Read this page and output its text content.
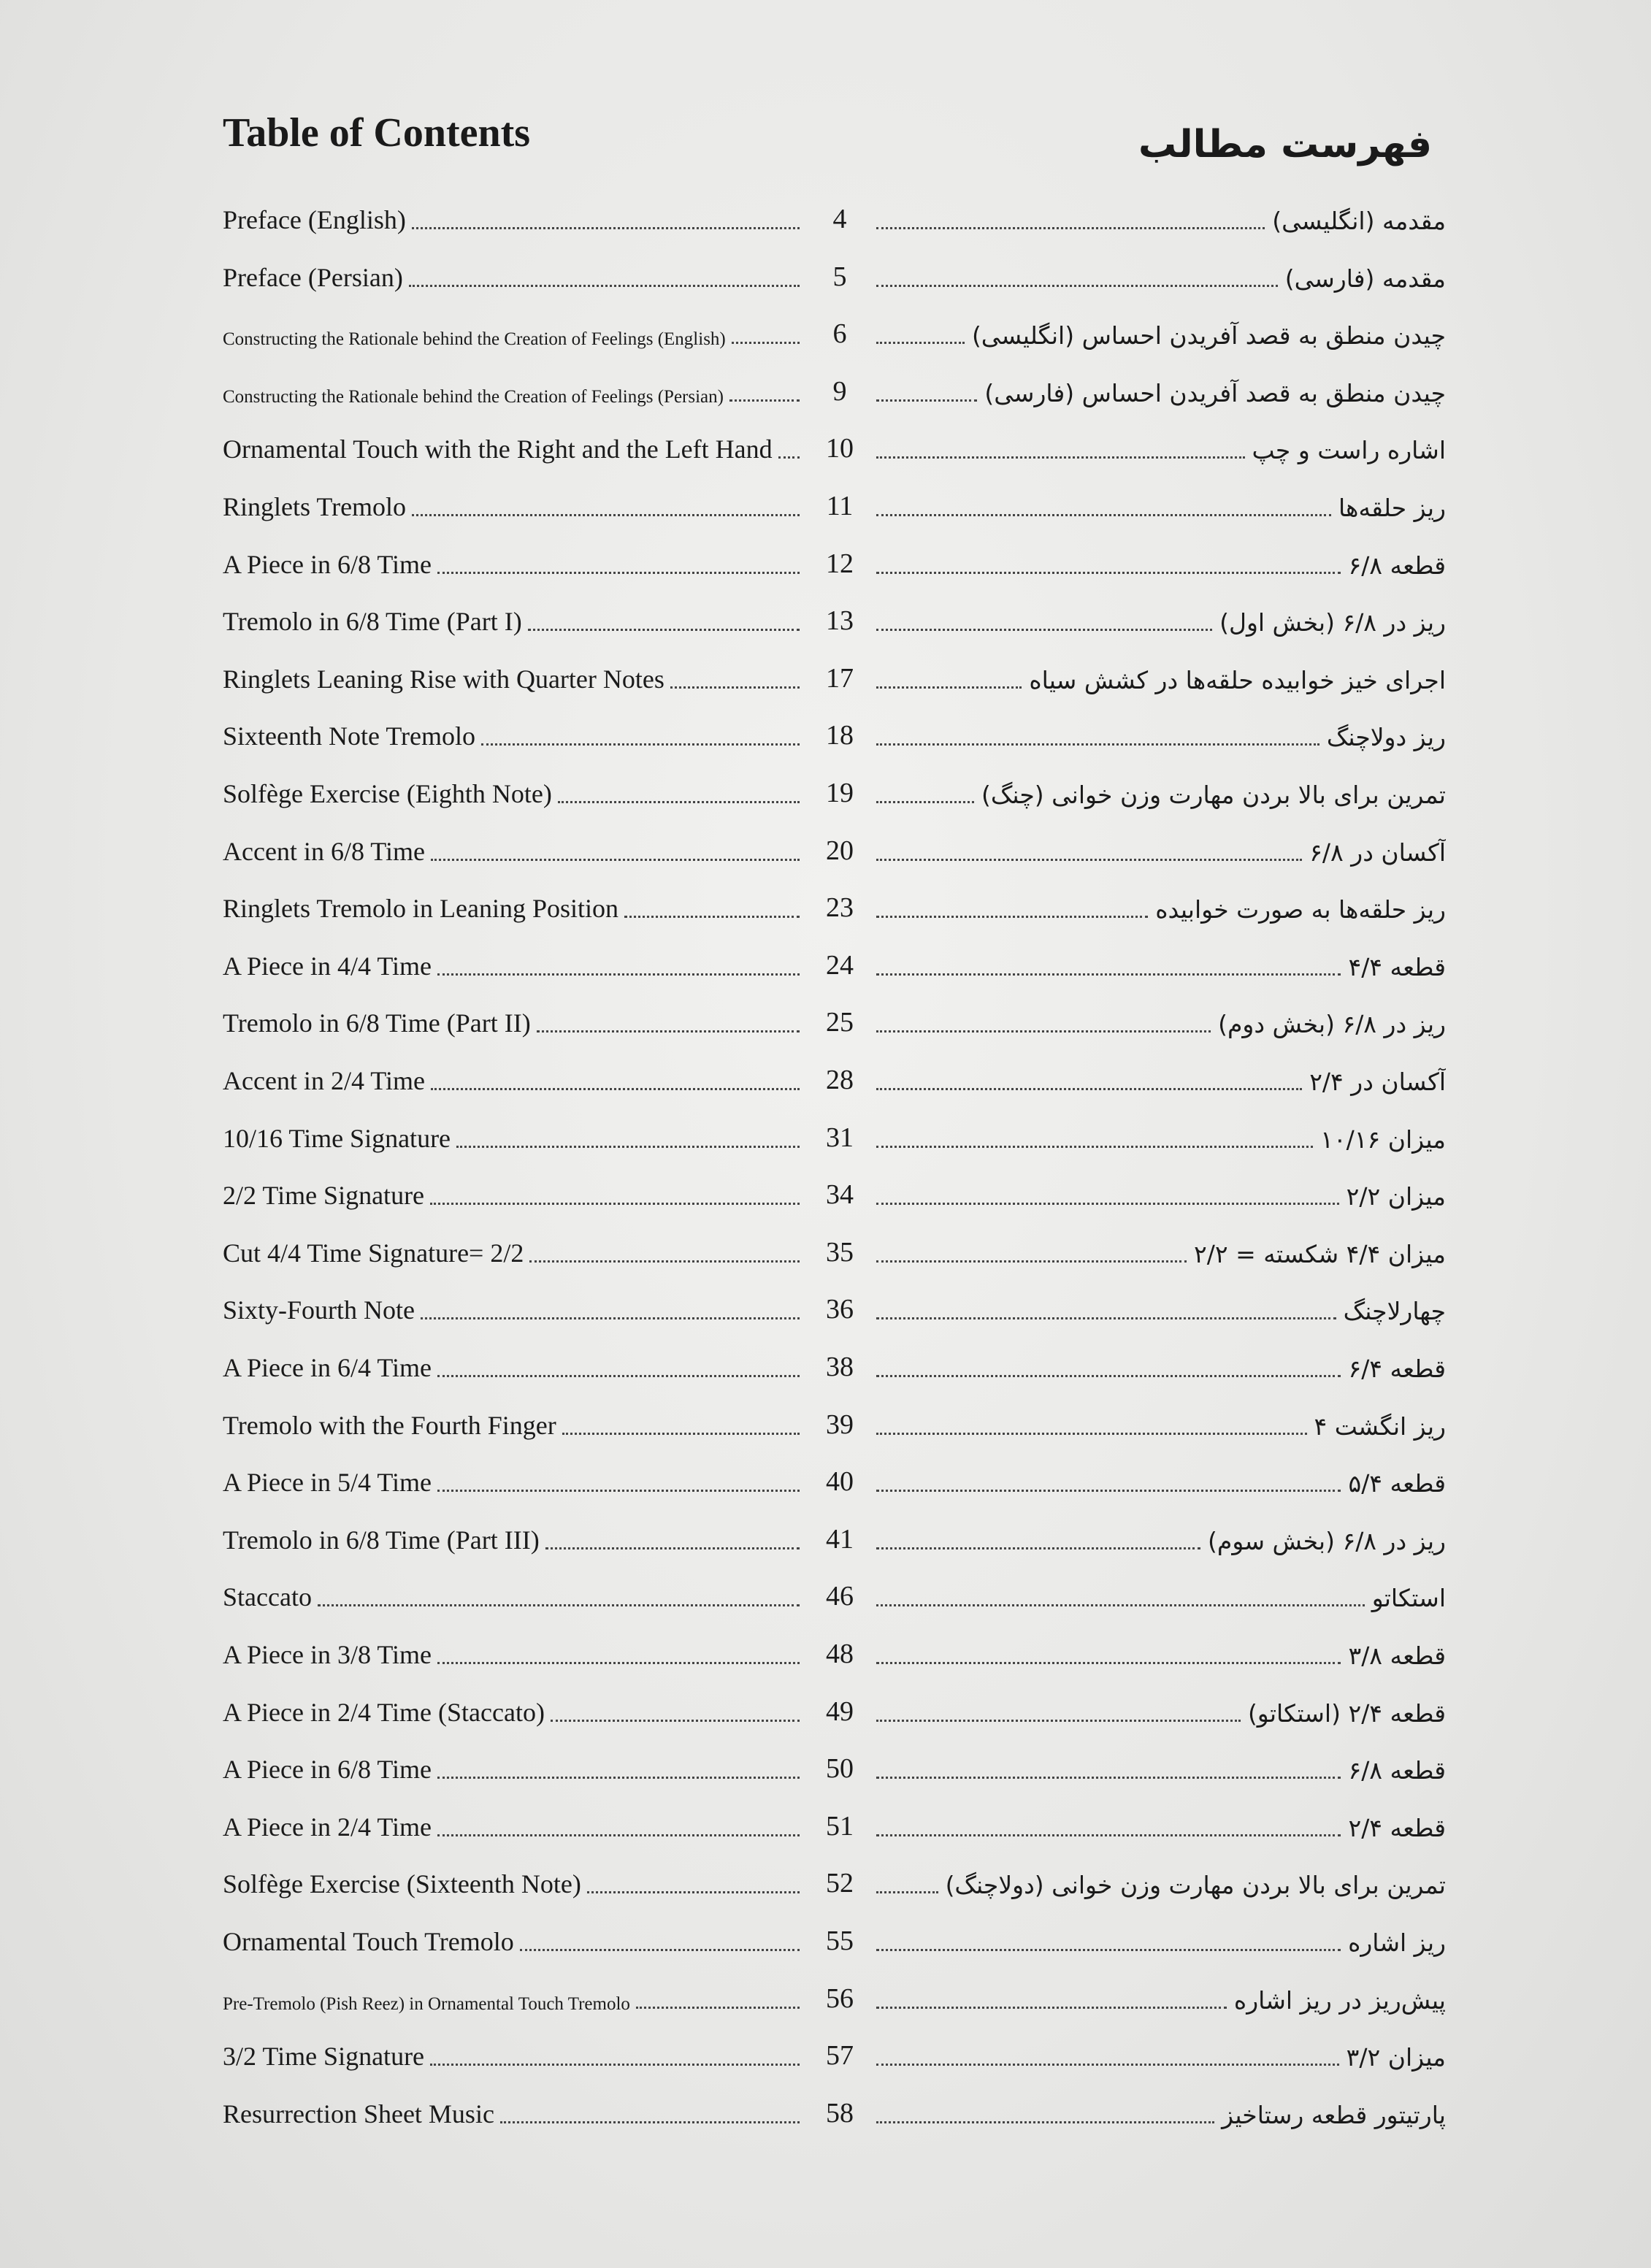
Table of Contents	فهرست مطالب
Preface (English)	4	مقدمه (انگلیسی)
Preface (Persian)	5	مقدمه (فارسی)
Constructing the Rationale behind the Creation of Feelings (English)	6	چیدن منطق به قصد آفریدن احساس (انگلیسی)
Constructing the Rationale behind the Creation of Feelings (Persian)	9	چیدن منطق به قصد آفریدن احساس (فارسی)
Ornamental Touch with the Right and the Left Hand	10	اشاره راست و چپ
Ringlets Tremolo	11	ریز حلقه‌ها
A Piece in 6/8 Time	12	قطعه ۶/۸
Tremolo in 6/8 Time (Part I)	13	ریز در ۶/۸ (بخش اول)
Ringlets Leaning Rise with Quarter Notes	17	اجرای خیز خوابیده حلقه‌ها در کشش سیاه
Sixteenth Note Tremolo	18	ریز دولاچنگ
Solfège Exercise (Eighth Note)	19	تمرین برای بالا بردن مهارت وزن خوانی (چنگ)
Accent in 6/8 Time	20	آکسان در ۶/۸
Ringlets Tremolo in Leaning Position	23	ریز حلقه‌ها به صورت خوابیده
A Piece in 4/4 Time	24	قطعه ۴/۴
Tremolo in 6/8 Time (Part II)	25	ریز در ۶/۸ (بخش دوم)
Accent in 2/4 Time	28	آکسان در ۲/۴
10/16 Time Signature	31	میزان ۱۰/۱۶
2/2 Time Signature	34	میزان ۲/۲
Cut 4/4 Time Signature= 2/2	35	میزان ۴/۴ شکسته = ۲/۲
Sixty-Fourth Note	36	چهارلاچنگ
A Piece in 6/4 Time	38	قطعه ۶/۴
Tremolo with the Fourth Finger	39	ریز انگشت ۴
A Piece in 5/4 Time	40	قطعه ۵/۴
Tremolo in 6/8 Time (Part III)	41	ریز در ۶/۸ (بخش سوم)
Staccato	46	استکاتو
A Piece in 3/8 Time	48	قطعه ۳/۸
A Piece in 2/4 Time (Staccato)	49	قطعه ۲/۴ (استکاتو)
A Piece in 6/8 Time	50	قطعه ۶/۸
A Piece in 2/4 Time	51	قطعه ۲/۴
Solfège Exercise (Sixteenth Note)	52	تمرین برای بالا بردن مهارت وزن خوانی (دولاچنگ)
Ornamental Touch Tremolo	55	ریز اشاره
Pre-Tremolo (Pish Reez) in Ornamental Touch Tremolo	56	پیش‌ریز در ریز اشاره
3/2 Time Signature	57	میزان ۳/۲
Resurrection Sheet Music	58	پارتیتور قطعه رستاخیز
